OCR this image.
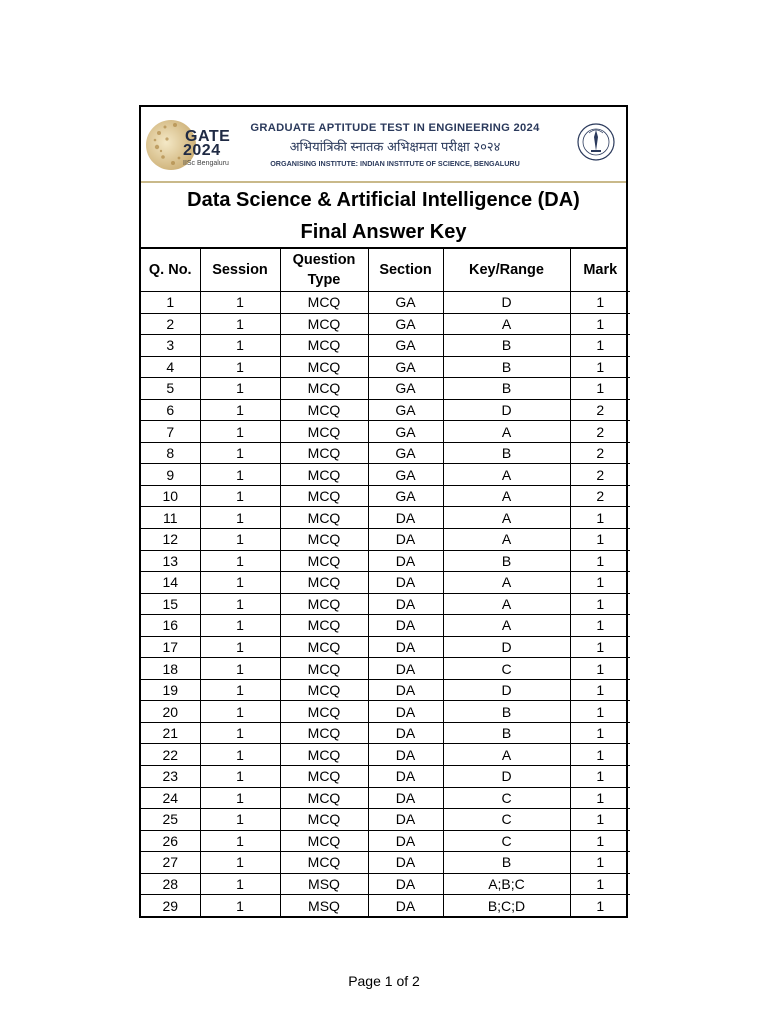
GATE
2024
IISc Bengaluru
GRADUATE APTITUDE TEST IN ENGINEERING 2024
अभियांत्रिकी स्नातक अभिक्षमता परीक्षा २०२४
ORGANISING INSTITUTE: INDIAN INSTITUTE OF SCIENCE, BENGALURU
Data Science & Artificial Intelligence (DA)
Final Answer Key
Q. No.	Session	Question Type	Section	Key/Range	Mark
1	1	MCQ	GA	D	1
2	1	MCQ	GA	A	1
3	1	MCQ	GA	B	1
4	1	MCQ	GA	B	1
5	1	MCQ	GA	B	1
6	1	MCQ	GA	D	2
7	1	MCQ	GA	A	2
8	1	MCQ	GA	B	2
9	1	MCQ	GA	A	2
10	1	MCQ	GA	A	2
11	1	MCQ	DA	A	1
12	1	MCQ	DA	A	1
13	1	MCQ	DA	B	1
14	1	MCQ	DA	A	1
15	1	MCQ	DA	A	1
16	1	MCQ	DA	A	1
17	1	MCQ	DA	D	1
18	1	MCQ	DA	C	1
19	1	MCQ	DA	D	1
20	1	MCQ	DA	B	1
21	1	MCQ	DA	B	1
22	1	MCQ	DA	A	1
23	1	MCQ	DA	D	1
24	1	MCQ	DA	C	1
25	1	MCQ	DA	C	1
26	1	MCQ	DA	C	1
27	1	MCQ	DA	B	1
28	1	MSQ	DA	A;B;C	1
29	1	MSQ	DA	B;C;D	1
Page 1 of 2
